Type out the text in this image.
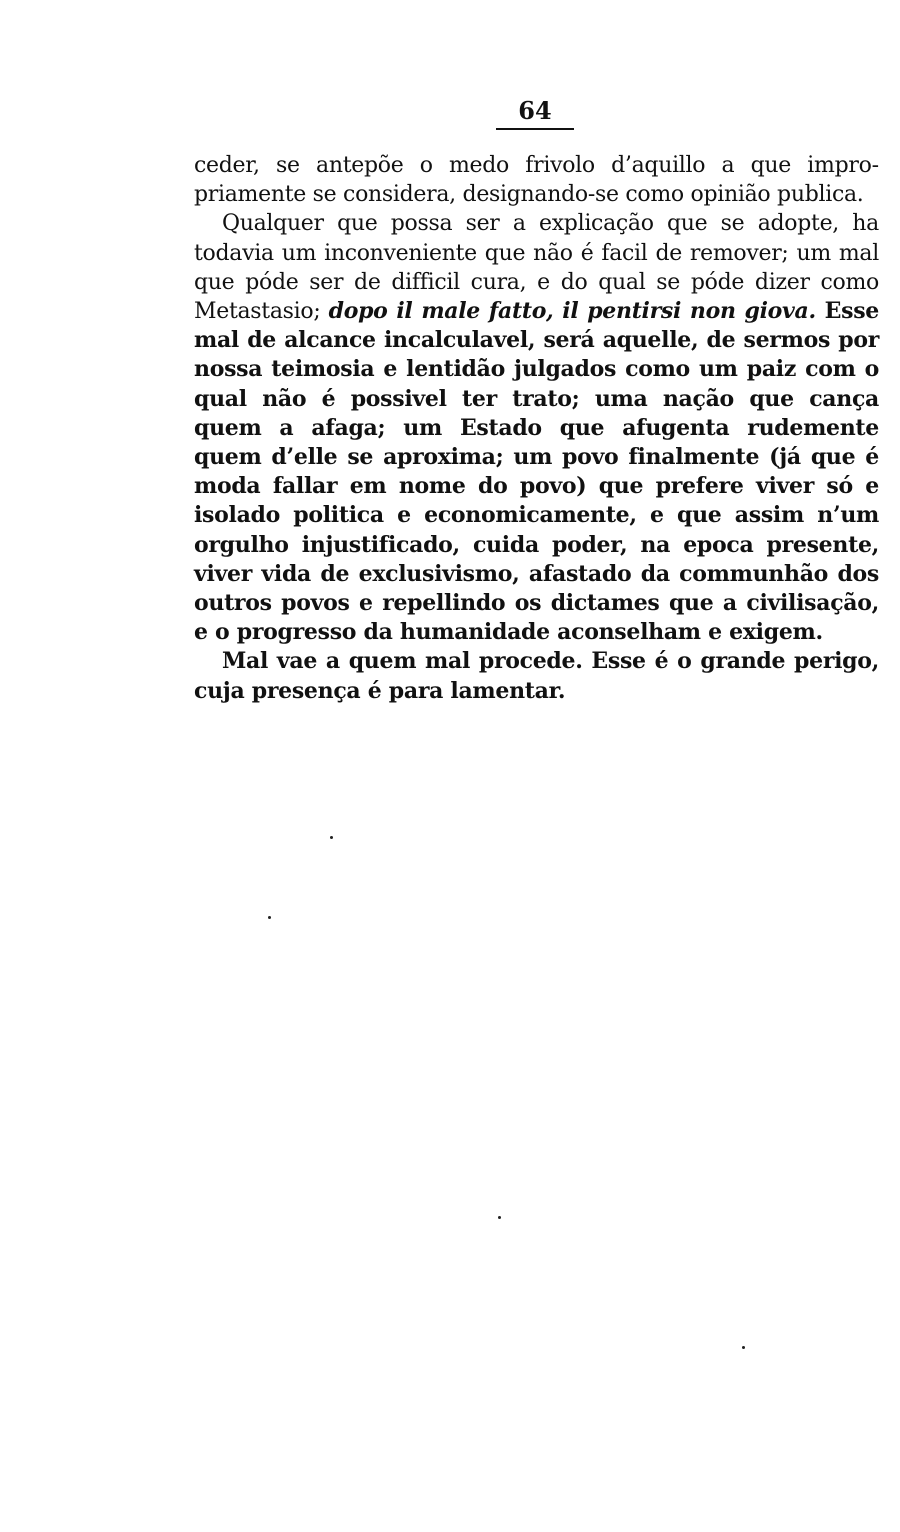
64

ceder, se antepõe o medo frivolo d’aquillo a que impropriamente se considera, designando-se como opinião publica.

Qualquer que possa ser a explicação que se adopte, ha todavia um inconveniente que não é facil de remover; um mal que póde ser de difficil cura, e do qual se póde dizer como Metastasio; dopo il male fatto, il pentirsi non giova. Esse mal de alcance incalculavel, será aquelle, de sermos por nossa teimosia e lentidão julgados como um paiz com o qual não é possivel ter trato; uma nação que cança quem a afaga; um Estado que afugenta rudemente quem d’elle se aproxima; um povo finalmente (já que é moda fallar em nome do povo) que prefere viver só e isolado politica e economicamente, e que assim n’um orgulho injustificado, cuida poder, na epoca presente, viver vida de exclusivismo, afastado da communhão dos outros povos e repellindo os dictames que a civilisação, e o progresso da humanidade aconselham e exigem.

Mal vae a quem mal procede. Esse é o grande perigo, cuja presença é para lamentar.
